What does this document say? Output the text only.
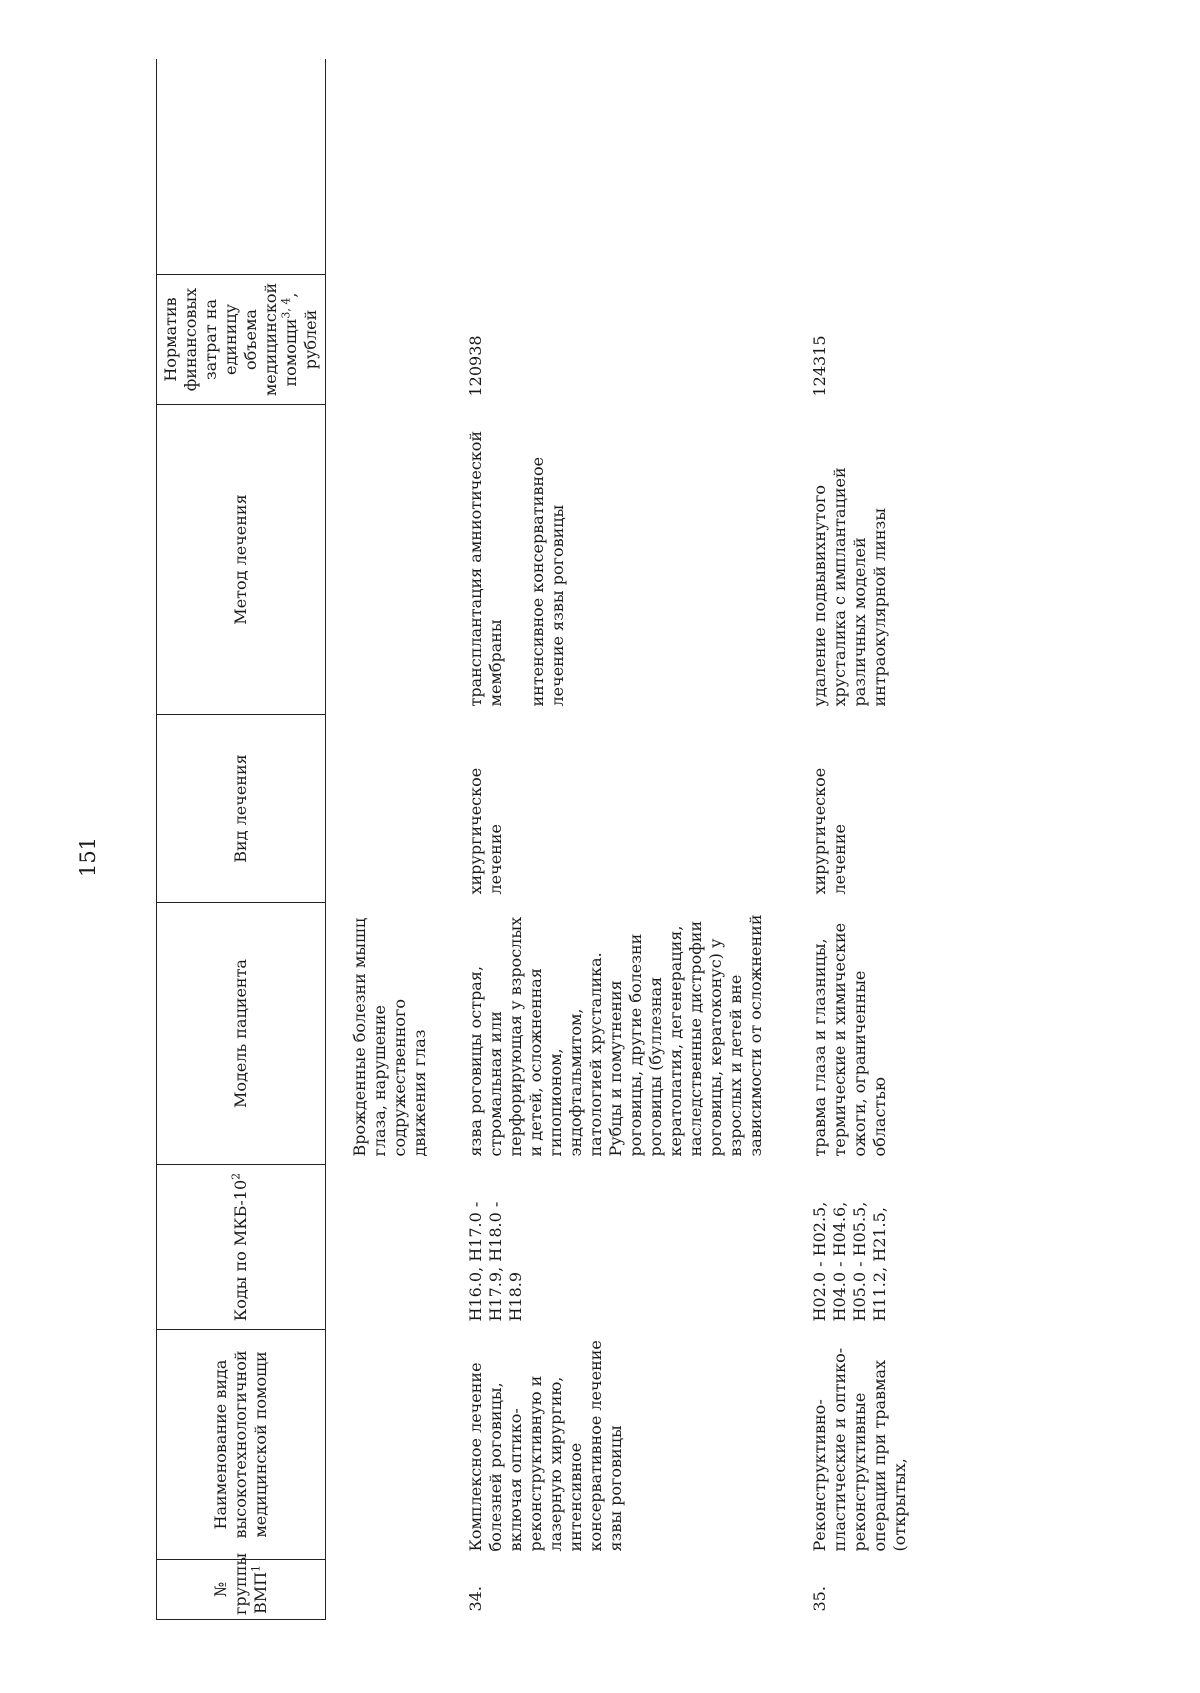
151
№ группы ВМП$^1$	Наименование вида высокотехнологичной медицинской помощи	Коды по МКБ-$10^2$	Модель пациента	Вид лечения	Метод лечения	Норматив финансовых затрат на единицу объема медицинской помощи$^{3, 4}$, рублей	
			Врожденные болезни мышц глаза, нарушение содружественного движения глаз				
34.	Комплексное лечение болезней роговицы, включая оптико-реконструктивную и лазерную хирургию, интенсивное консервативное лечение язвы роговицы	H16.0, H17.0 - H17.9, H18.0 - H18.9	язва роговицы острая, стромальная или перфорирующая у взрослых и детей, осложненная гипопионом, эндофтальмитом, патологией хрусталика. Рубцы и помутнения роговицы, другие болезни роговицы (буллезная кератопатия, дегенерация, наследственные дистрофии роговицы, кератоконус) у взрослых и детей вне зависимости от осложнений	хирургическое лечение	трансплантация амниотической мембраны интенсивное консервативное лечение язвы роговицы	120938	
35.	Реконструктивно-пластические и оптико-реконструктивные операции при травмах (открытых,	H02.0 - H02.5, H04.0 - H04.6, H05.0 - H05.5, H11.2, H21.5,	травма глаза и глазницы, термические и химические ожоги, ограниченные областью	хирургическое лечение	удаление подвывихнутого хрусталика с имплантацией различных моделей интраокулярной линзы	124315	
